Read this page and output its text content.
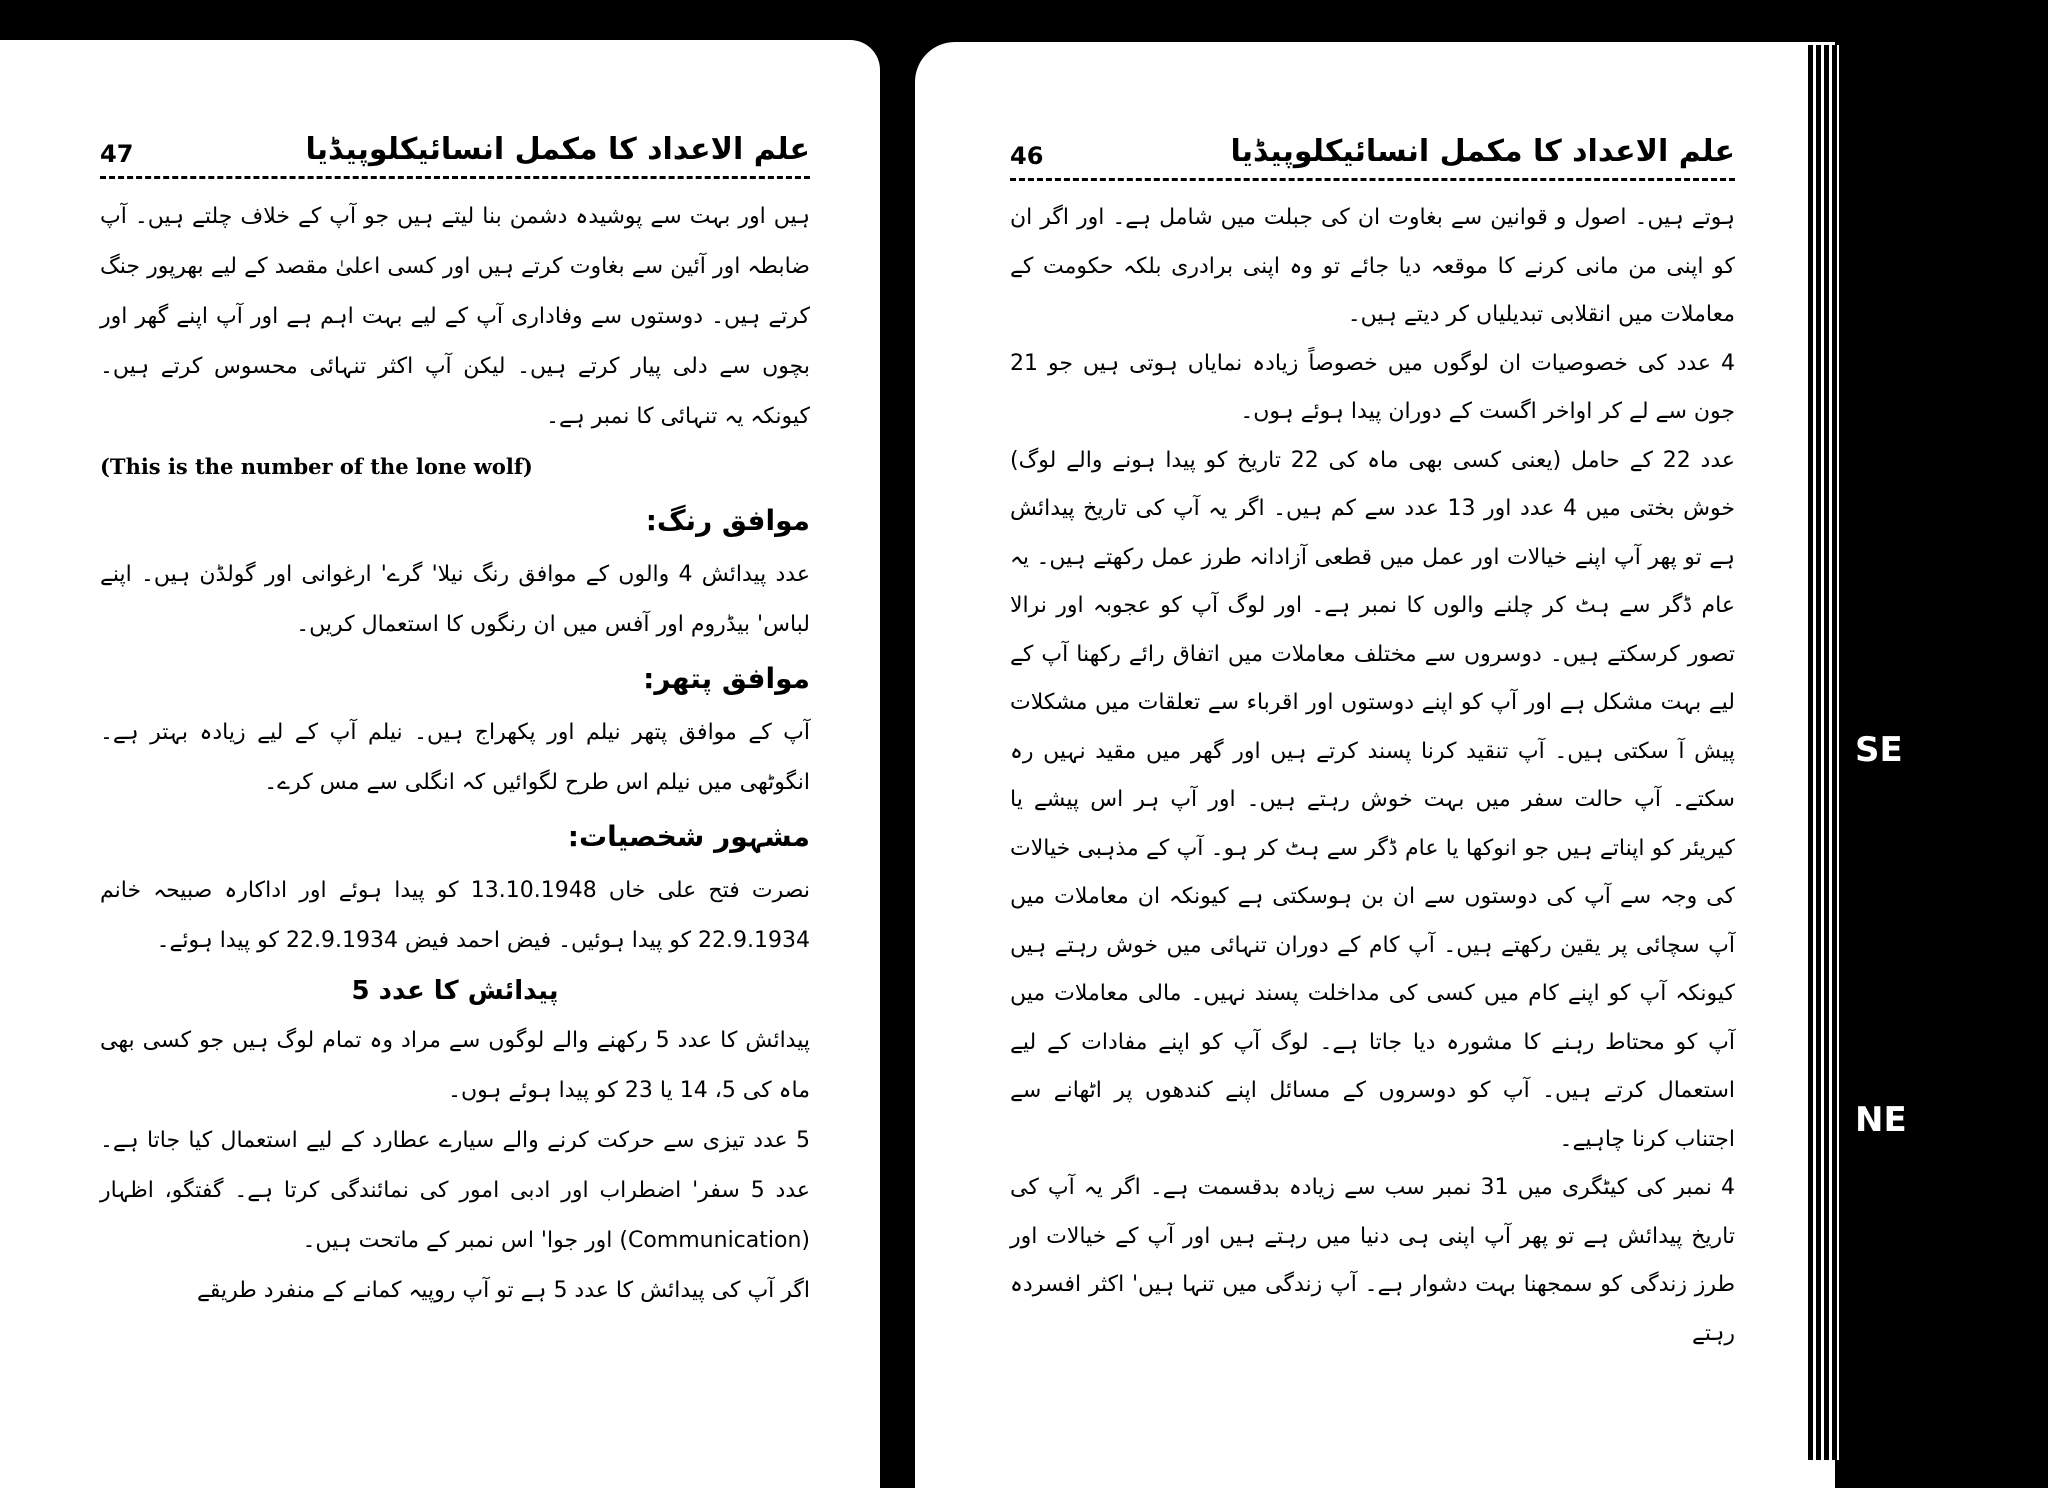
علم الاعداد کا مکمل انسائیکلوپیڈیا
47

ہیں اور بہت سے پوشیدہ دشمن بنا لیتے ہیں جو آپ کے خلاف چلتے ہیں۔ آپ ضابطہ اور آئین سے بغاوت کرتے ہیں اور کسی اعلیٰ مقصد کے لیے بھرپور جنگ کرتے ہیں۔ دوستوں سے وفاداری آپ کے لیے بہت اہم ہے اور آپ اپنے گھر اور بچوں سے دلی پیار کرتے ہیں۔ لیکن آپ اکثر تنہائی محسوس کرتے ہیں۔ کیونکہ یہ تنہائی کا نمبر ہے۔

(This is the number of the lone wolf)

موافق رنگ:

عدد پیدائش 4 والوں کے موافق رنگ نیلا' گرے' ارغوانی اور گولڈن ہیں۔ اپنے لباس' بیڈروم اور آفس میں ان رنگوں کا استعمال کریں۔

موافق پتھر:

آپ کے موافق پتھر نیلم اور پکھراج ہیں۔ نیلم آپ کے لیے زیادہ بہتر ہے۔ انگوٹھی میں نیلم اس طرح لگوائیں کہ انگلی سے مس کرے۔

مشہور شخصیات:

نصرت فتح علی خاں 13.10.1948 کو پیدا ہوئے اور اداکارہ صبیحہ خانم 22.9.1934 کو پیدا ہوئیں۔ فیض احمد فیض 22.9.1934 کو پیدا ہوئے۔

پیدائش کا عدد 5

پیدائش کا عدد 5 رکھنے والے لوگوں سے مراد وہ تمام لوگ ہیں جو کسی بھی ماہ کی 5، 14 یا 23 کو پیدا ہوئے ہوں۔

5 عدد تیزی سے حرکت کرنے والے سیارے عطارد کے لیے استعمال کیا جاتا ہے۔ عدد 5 سفر' اضطراب اور ادبی امور کی نمائندگی کرتا ہے۔ گفتگو، اظہار (Communication) اور جوا' اس نمبر کے ماتحت ہیں۔

اگر آپ کی پیدائش کا عدد 5 ہے تو آپ روپیہ کمانے کے منفرد طریقے

علم الاعداد کا مکمل انسائیکلوپیڈیا
46

ہوتے ہیں۔ اصول و قوانین سے بغاوت ان کی جبلت میں شامل ہے۔ اور اگر ان کو اپنی من مانی کرنے کا موقعہ دیا جائے تو وہ اپنی برادری بلکہ حکومت کے معاملات میں انقلابی تبدیلیاں کر دیتے ہیں۔

4 عدد کی خصوصیات ان لوگوں میں خصوصاً زیادہ نمایاں ہوتی ہیں جو 21 جون سے لے کر اواخر اگست کے دوران پیدا ہوئے ہوں۔

عدد 22 کے حامل (یعنی کسی بھی ماہ کی 22 تاریخ کو پیدا ہونے والے لوگ) خوش بختی میں 4 عدد اور 13 عدد سے کم ہیں۔ اگر یہ آپ کی تاریخ پیدائش ہے تو پھر آپ اپنے خیالات اور عمل میں قطعی آزادانہ طرز عمل رکھتے ہیں۔ یہ عام ڈگر سے ہٹ کر چلنے والوں کا نمبر ہے۔ اور لوگ آپ کو عجوبہ اور نرالا تصور کرسکتے ہیں۔ دوسروں سے مختلف معاملات میں اتفاق رائے رکھنا آپ کے لیے بہت مشکل ہے اور آپ کو اپنے دوستوں اور اقرباء سے تعلقات میں مشکلات پیش آ سکتی ہیں۔ آپ تنقید کرنا پسند کرتے ہیں اور گھر میں مقید نہیں رہ سکتے۔ آپ حالت سفر میں بہت خوش رہتے ہیں۔ اور آپ ہر اس پیشے یا کیریئر کو اپناتے ہیں جو انوکھا یا عام ڈگر سے ہٹ کر ہو۔ آپ کے مذہبی خیالات کی وجہ سے آپ کی دوستوں سے ان بن ہوسکتی ہے کیونکہ ان معاملات میں آپ سچائی پر یقین رکھتے ہیں۔ آپ کام کے دوران تنہائی میں خوش رہتے ہیں کیونکہ آپ کو اپنے کام میں کسی کی مداخلت پسند نہیں۔ مالی معاملات میں آپ کو محتاط رہنے کا مشورہ دیا جاتا ہے۔ لوگ آپ کو اپنے مفادات کے لیے استعمال کرتے ہیں۔ آپ کو دوسروں کے مسائل اپنے کندھوں پر اٹھانے سے اجتناب کرنا چاہیے۔

4 نمبر کی کیٹگری میں 31 نمبر سب سے زیادہ بدقسمت ہے۔ اگر یہ آپ کی تاریخ پیدائش ہے تو پھر آپ اپنی ہی دنیا میں رہتے ہیں اور آپ کے خیالات اور طرز زندگی کو سمجھنا بہت دشوار ہے۔ آپ زندگی میں تنہا ہیں' اکثر افسردہ رہتے

SE
NE
